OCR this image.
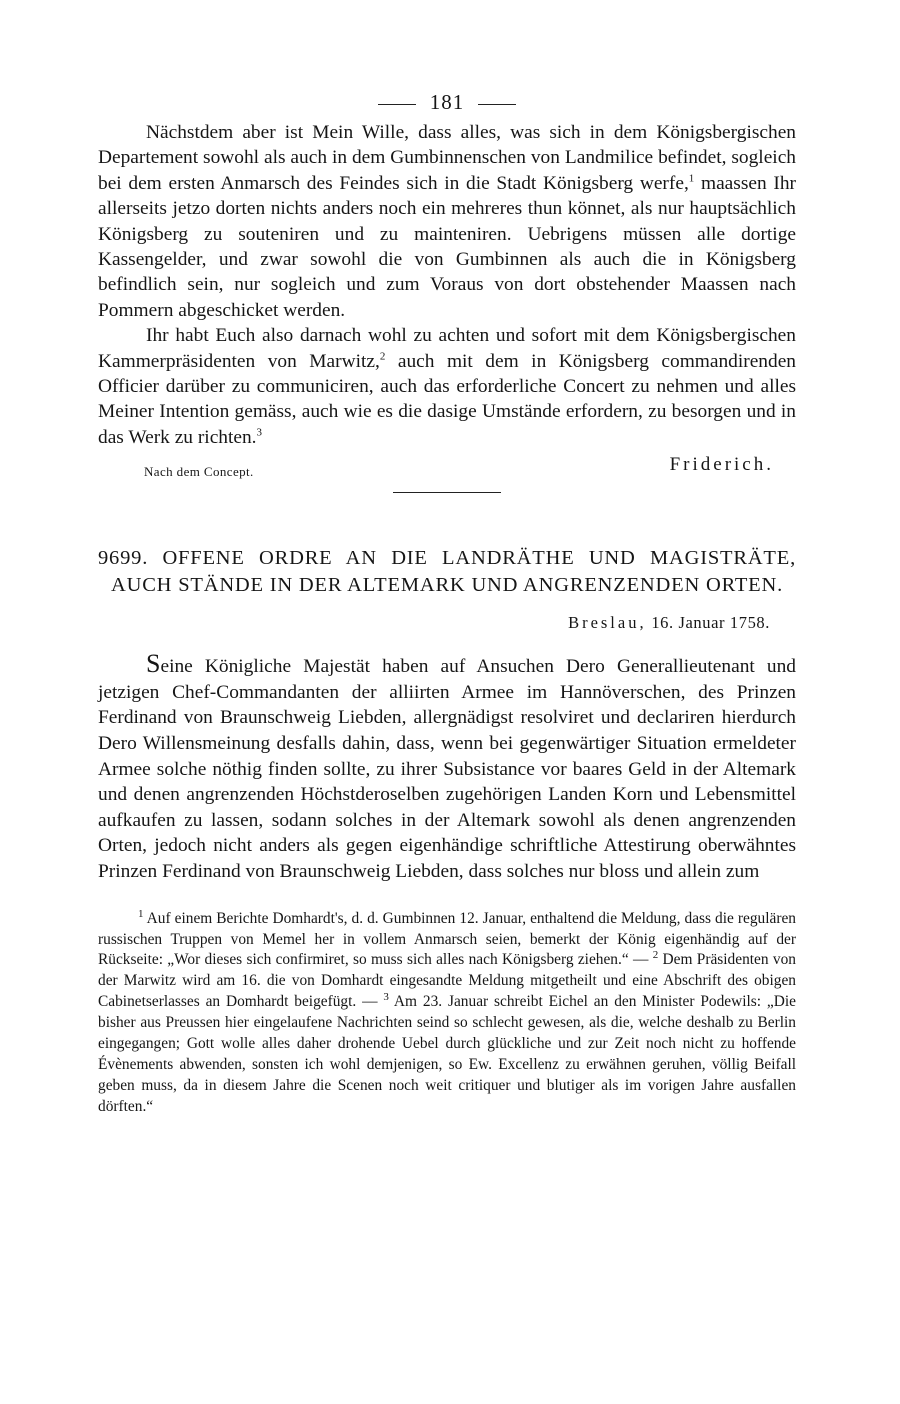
181

Nächstdem aber ist Mein Wille, dass alles, was sich in dem Königsbergischen Departement sowohl als auch in dem Gumbinnenschen von Landmilice befindet, sogleich bei dem ersten Anmarsch des Feindes sich in die Stadt Königsberg werfe,$^1$ maassen Ihr allerseits jetzo dorten nichts anders noch ein mehreres thun könnet, als nur hauptsächlich Königsberg zu souteniren und zu mainteniren. Uebrigens müssen alle dortige Kassengelder, und zwar sowohl die von Gumbinnen als auch die in Königsberg befindlich sein, nur sogleich und zum Voraus von dort obstehender Maassen nach Pommern abgeschicket werden.

Ihr habt Euch also darnach wohl zu achten und sofort mit dem Königsbergischen Kammerpräsidenten von Marwitz,$^2$ auch mit dem in Königsberg commandirenden Officier darüber zu communiciren, auch das erforderliche Concert zu nehmen und alles Meiner Intention gemäss, auch wie es die dasige Umstände erfordern, zu besorgen und in das Werk zu richten.$^3$

Nach dem Concept.	Friderich.
9699. OFFENE ORDRE AN DIE LANDRÄTHE UND MAGISTRÄTE, AUCH STÄNDE IN DER ALTEMARK UND ANGRENZENDEN ORTEN.
Breslau, 16. Januar 1758.

Seine Königliche Majestät haben auf Ansuchen Dero Generallieutenant und jetzigen Chef-Commandanten der alliirten Armee im Hannöverschen, des Prinzen Ferdinand von Braunschweig Liebden, allergnädigst resolviret und declariren hierdurch Dero Willensmeinung desfalls dahin, dass, wenn bei gegenwärtiger Situation ermeldeter Armee solche nöthig finden sollte, zu ihrer Subsistance vor baares Geld in der Altemark und denen angrenzenden Höchstderoselben zugehörigen Landen Korn und Lebensmittel aufkaufen zu lassen, sodann solches in der Altemark sowohl als denen angrenzenden Orten, jedoch nicht anders als gegen eigenhändige schriftliche Attestirung oberwähntes Prinzen Ferdinand von Braunschweig Liebden, dass solches nur bloss und allein zum

$^1$ Auf einem Berichte Domhardt's, d. d. Gumbinnen 12. Januar, enthaltend die Meldung, dass die regulären russischen Truppen von Memel her in vollem Anmarsch seien, bemerkt der König eigenhändig auf der Rückseite: „Wor dieses sich confirmiret, so muss sich alles nach Königsberg ziehen.“ — $^2$ Dem Präsidenten von der Marwitz wird am 16. die von Domhardt eingesandte Meldung mitgetheilt und eine Abschrift des obigen Cabinetserlasses an Domhardt beigefügt. — $^3$ Am 23. Januar schreibt Eichel an den Minister Podewils: „Die bisher aus Preussen hier eingelaufene Nachrichten seind so schlecht gewesen, als die, welche deshalb zu Berlin eingegangen; Gott wolle alles daher drohende Uebel durch glückliche und zur Zeit noch nicht zu hoffende Évènements abwenden, sonsten ich wohl demjenigen, so Ew. Excellenz zu erwähnen geruhen, völlig Beifall geben muss, da in diesem Jahre die Scenen noch weit critiquer und blutiger als im vorigen Jahre ausfallen dörften.“
